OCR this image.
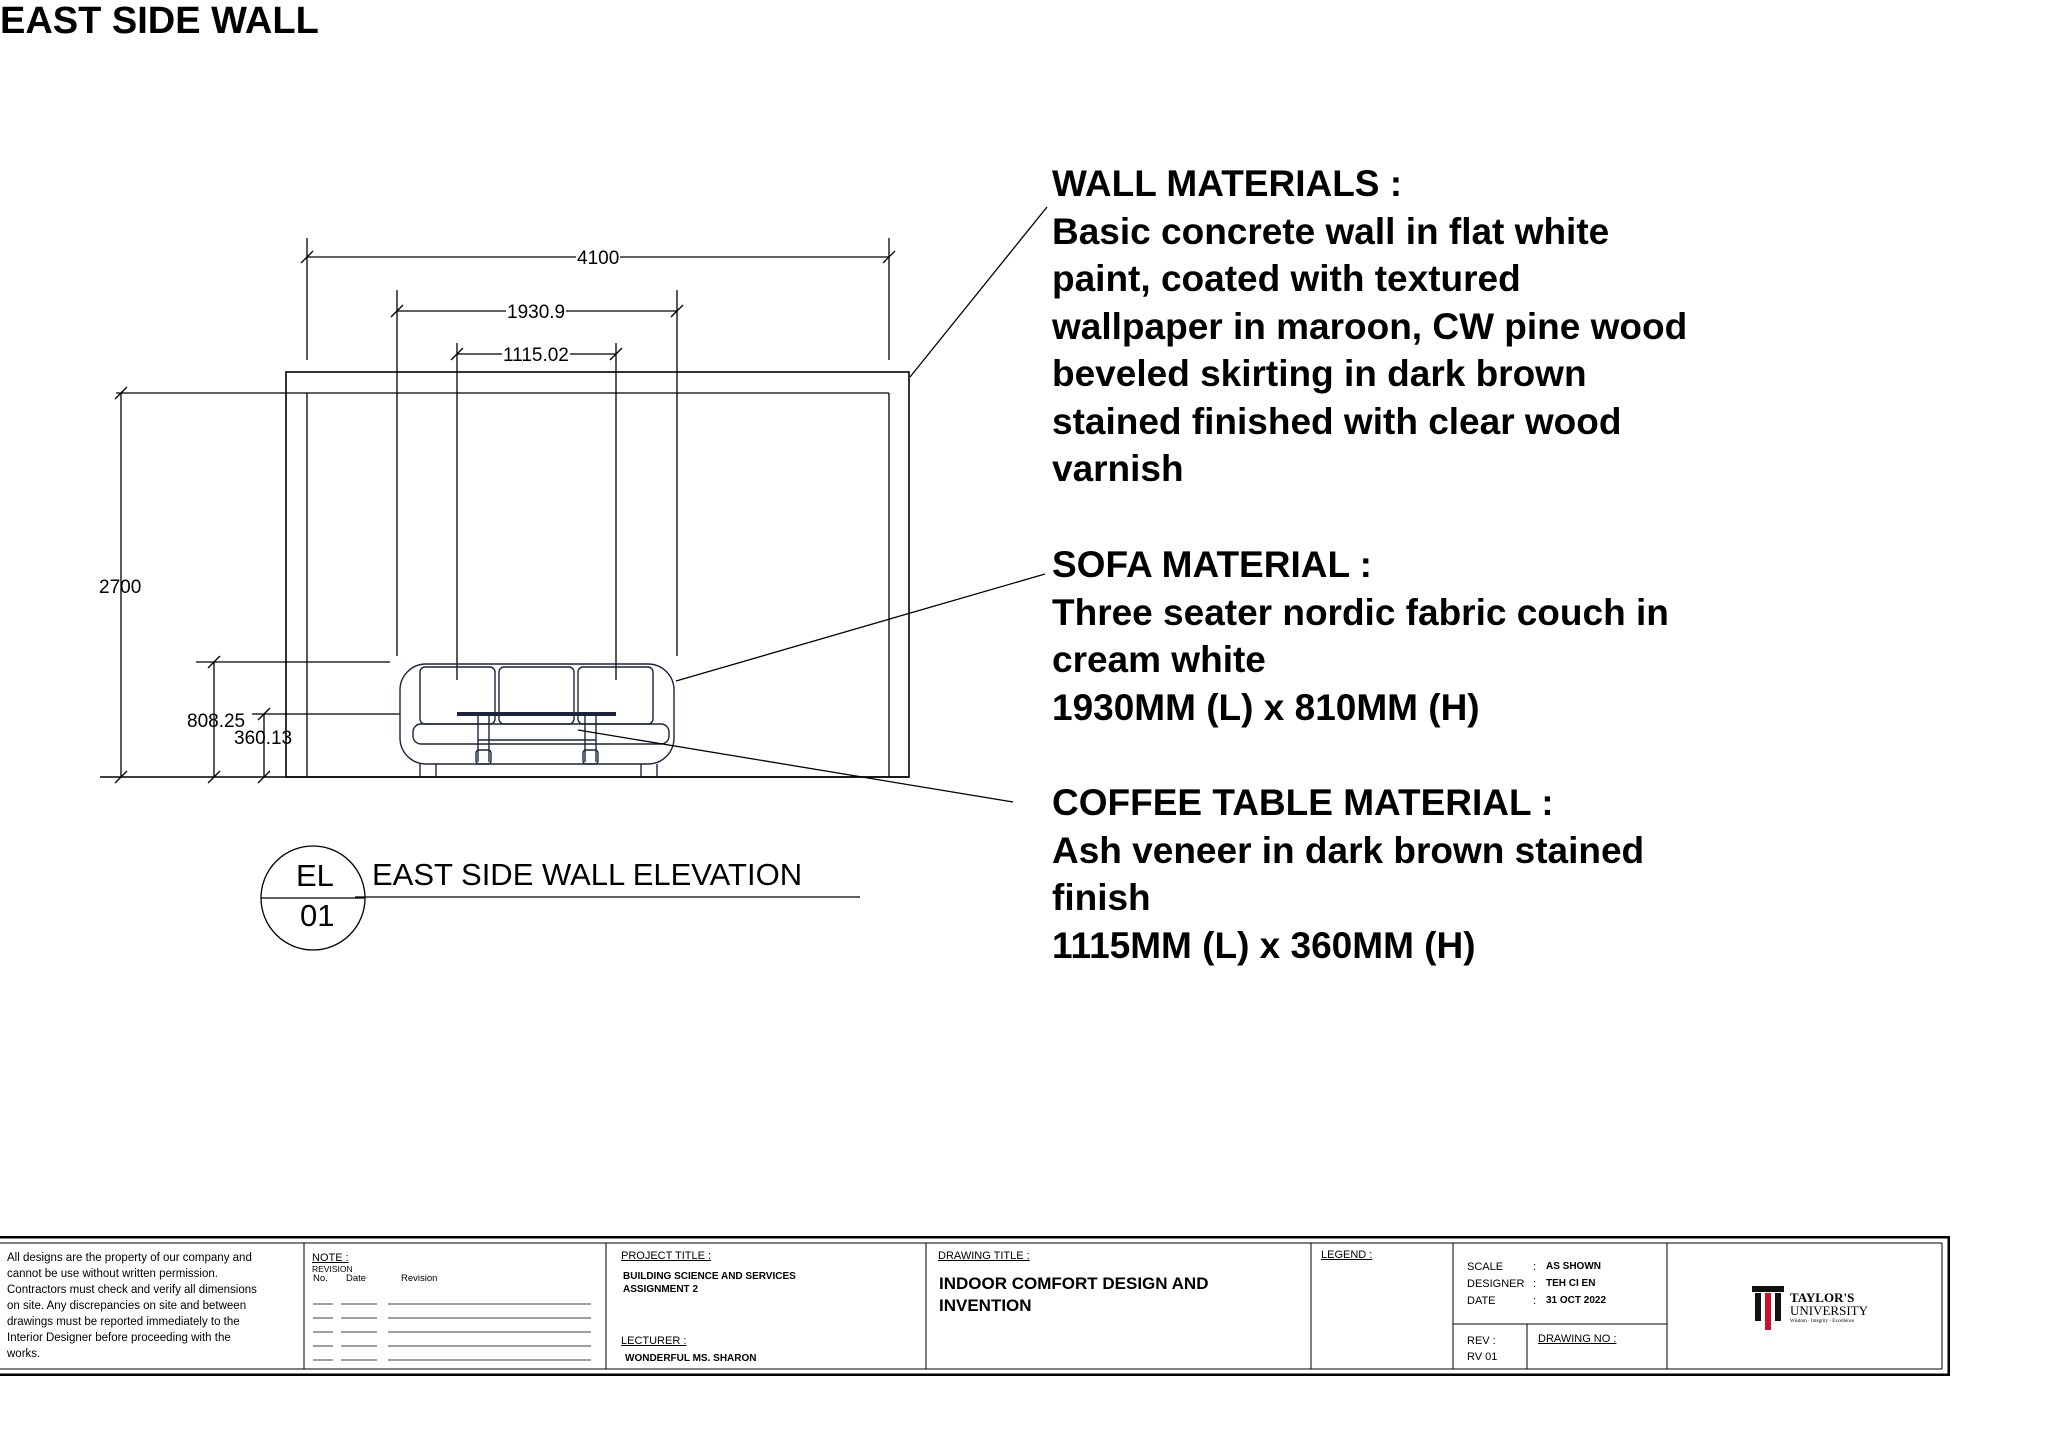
EAST SIDE WALL
4100
1930.9
1115.02
2700
808.25
360.13
EL
01
EAST SIDE WALL ELEVATION
WALL MATERIALS :
Basic concrete wall in flat white
paint, coated with textured
wallpaper in maroon, CW pine wood
beveled skirting in dark brown
stained finished with clear wood
varnish
SOFA MATERIAL :
Three seater nordic fabric couch in
cream white
1930MM (L) x 810MM (H)
COFFEE TABLE MATERIAL :
Ash veneer in dark brown stained
finish
1115MM (L) x 360MM (H)
All designs are the property of our company and
cannot be use without written permission.
Contractors must check and verify all dimensions
on site. Any discrepancies on site and between
drawings must be reported immediately to the
Interior Designer before proceeding with the
works.
NOTE :
REVISION
No. Date	Revision
PROJECT TITLE :
BUILDING SCIENCE AND SERVICES
ASSIGNMENT 2
LECTURER :
WONDERFUL MS. SHARON
DRAWING TITLE :
INDOOR COMFORT DESIGN AND
INVENTION
LEGEND :
SCALE	: AS SHOWN
DESIGNER : TEH CI EN
DATE	: 31 OCT 2022
REV :
RV 01
DRAWING NO :
TAYLOR'S
UNIVERSITY
Wisdom · Integrity · Excellence
